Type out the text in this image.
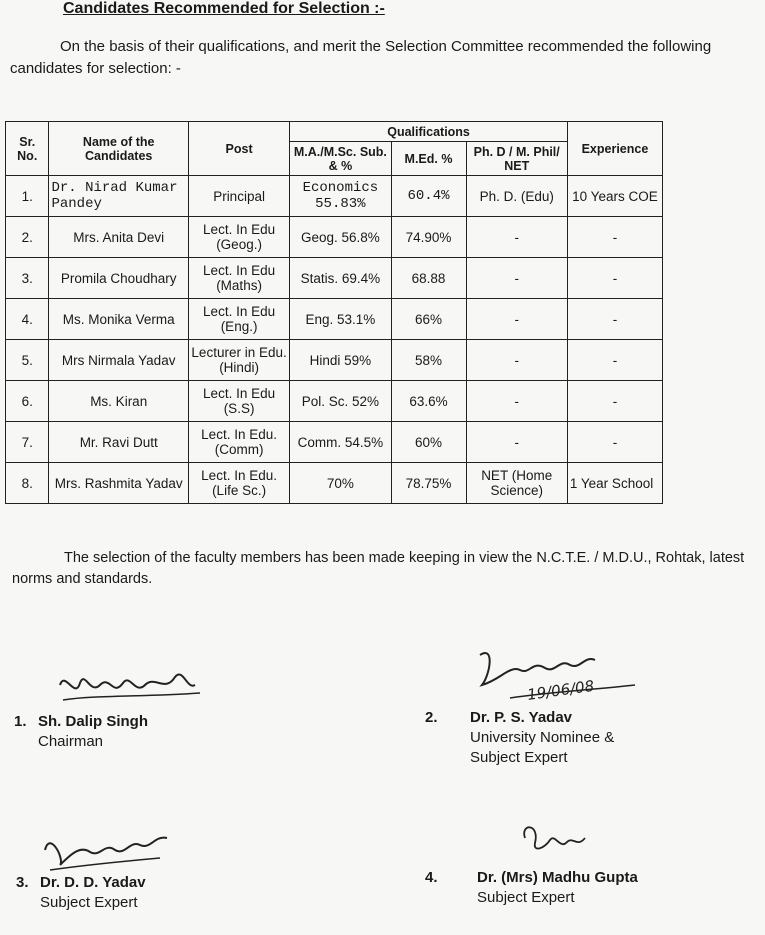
Candidates Recommended for Selection :-
On the basis of their qualifications, and merit the Selection Committee recommended the following candidates for selection: -
Sr. No.	Name of the Candidates	Post	Qualifications			Experience
			M.A./M.Sc. Sub. & %	M.Ed. %	Ph. D / M. Phil/ NET	
1.	Dr. Nirad Kumar Pandey	Principal	Economics 55.83%	60.4%	Ph. D. (Edu)	10 Years COE
2.	Mrs. Anita Devi	Lect. In Edu (Geog.)	Geog. 56.8%	74.90%	-	-
3.	Promila Choudhary	Lect. In Edu (Maths)	Statis. 69.4%	68.88	-	-
4.	Ms. Monika Verma	Lect. In Edu (Eng.)	Eng. 53.1%	66%	-	-
5.	Mrs Nirmala Yadav	Lecturer in Edu. (Hindi)	Hindi 59%	58%	-	-
6.	Ms. Kiran	Lect. In Edu (S.S)	Pol. Sc. 52%	63.6%	-	-
7.	Mr. Ravi Dutt	Lect. In Edu. (Comm)	Comm. 54.5%	60%	-	-
8.	Mrs. Rashmita Yadav	Lect. In Edu. (Life Sc.)	70%	78.75%	NET (Home Science)	1 Year School
The selection of the faculty members has been made keeping in view the N.C.T.E. / M.D.U., Rohtak, latest norms and standards.
19/06/08
1. Sh. Dalip Singh
Chairman
2. Dr. P. S. Yadav
University Nominee &
Subject Expert
3. Dr. D. D. Yadav
Subject Expert
4.	Dr. (Mrs) Madhu Gupta
Subject Expert
